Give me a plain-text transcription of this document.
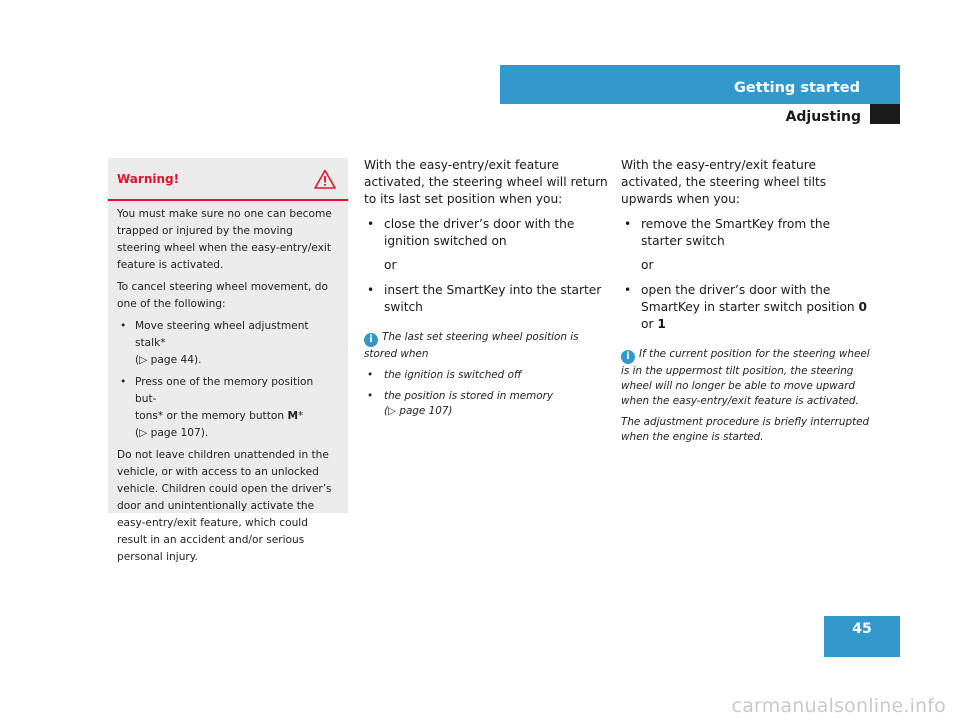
Getting started
Adjusting
Warning!

You must make sure no one can become trapped or injured by the moving steering wheel when the easy-entry/exit feature is activated.

To cancel steering wheel movement, do one of the following:

• Move steering wheel adjustment stalk*
(▷ page 44).
• Press one of the memory position but-
tons* or the memory button M*
(▷ page 107).

Do not leave children unattended in the vehicle, or with access to an unlocked vehicle. Children could open the driver’s door and unintentionally activate the easy-entry/exit feature, which could result in an accident and/or serious personal injury.

With the easy-entry/exit feature activated, the steering wheel will return to its last set position when you:

• close the driver’s door with the ignition switched on
or
• insert the SmartKey into the starter switch

i The last set steering wheel position is stored when

• the ignition is switched off

• the position is stored in memory
(▷ page 107)

With the easy-entry/exit feature activated, the steering wheel tilts upwards when you:

• remove the SmartKey from the starter switch
or
• open the driver’s door with the SmartKey in starter switch position 0 or 1

i If the current position for the steering wheel is in the uppermost tilt position, the steering wheel will no longer be able to move upward when the easy-entry/exit feature is activated.

The adjustment procedure is briefly interrupted when the engine is started.

45
carmanualsonline.info
